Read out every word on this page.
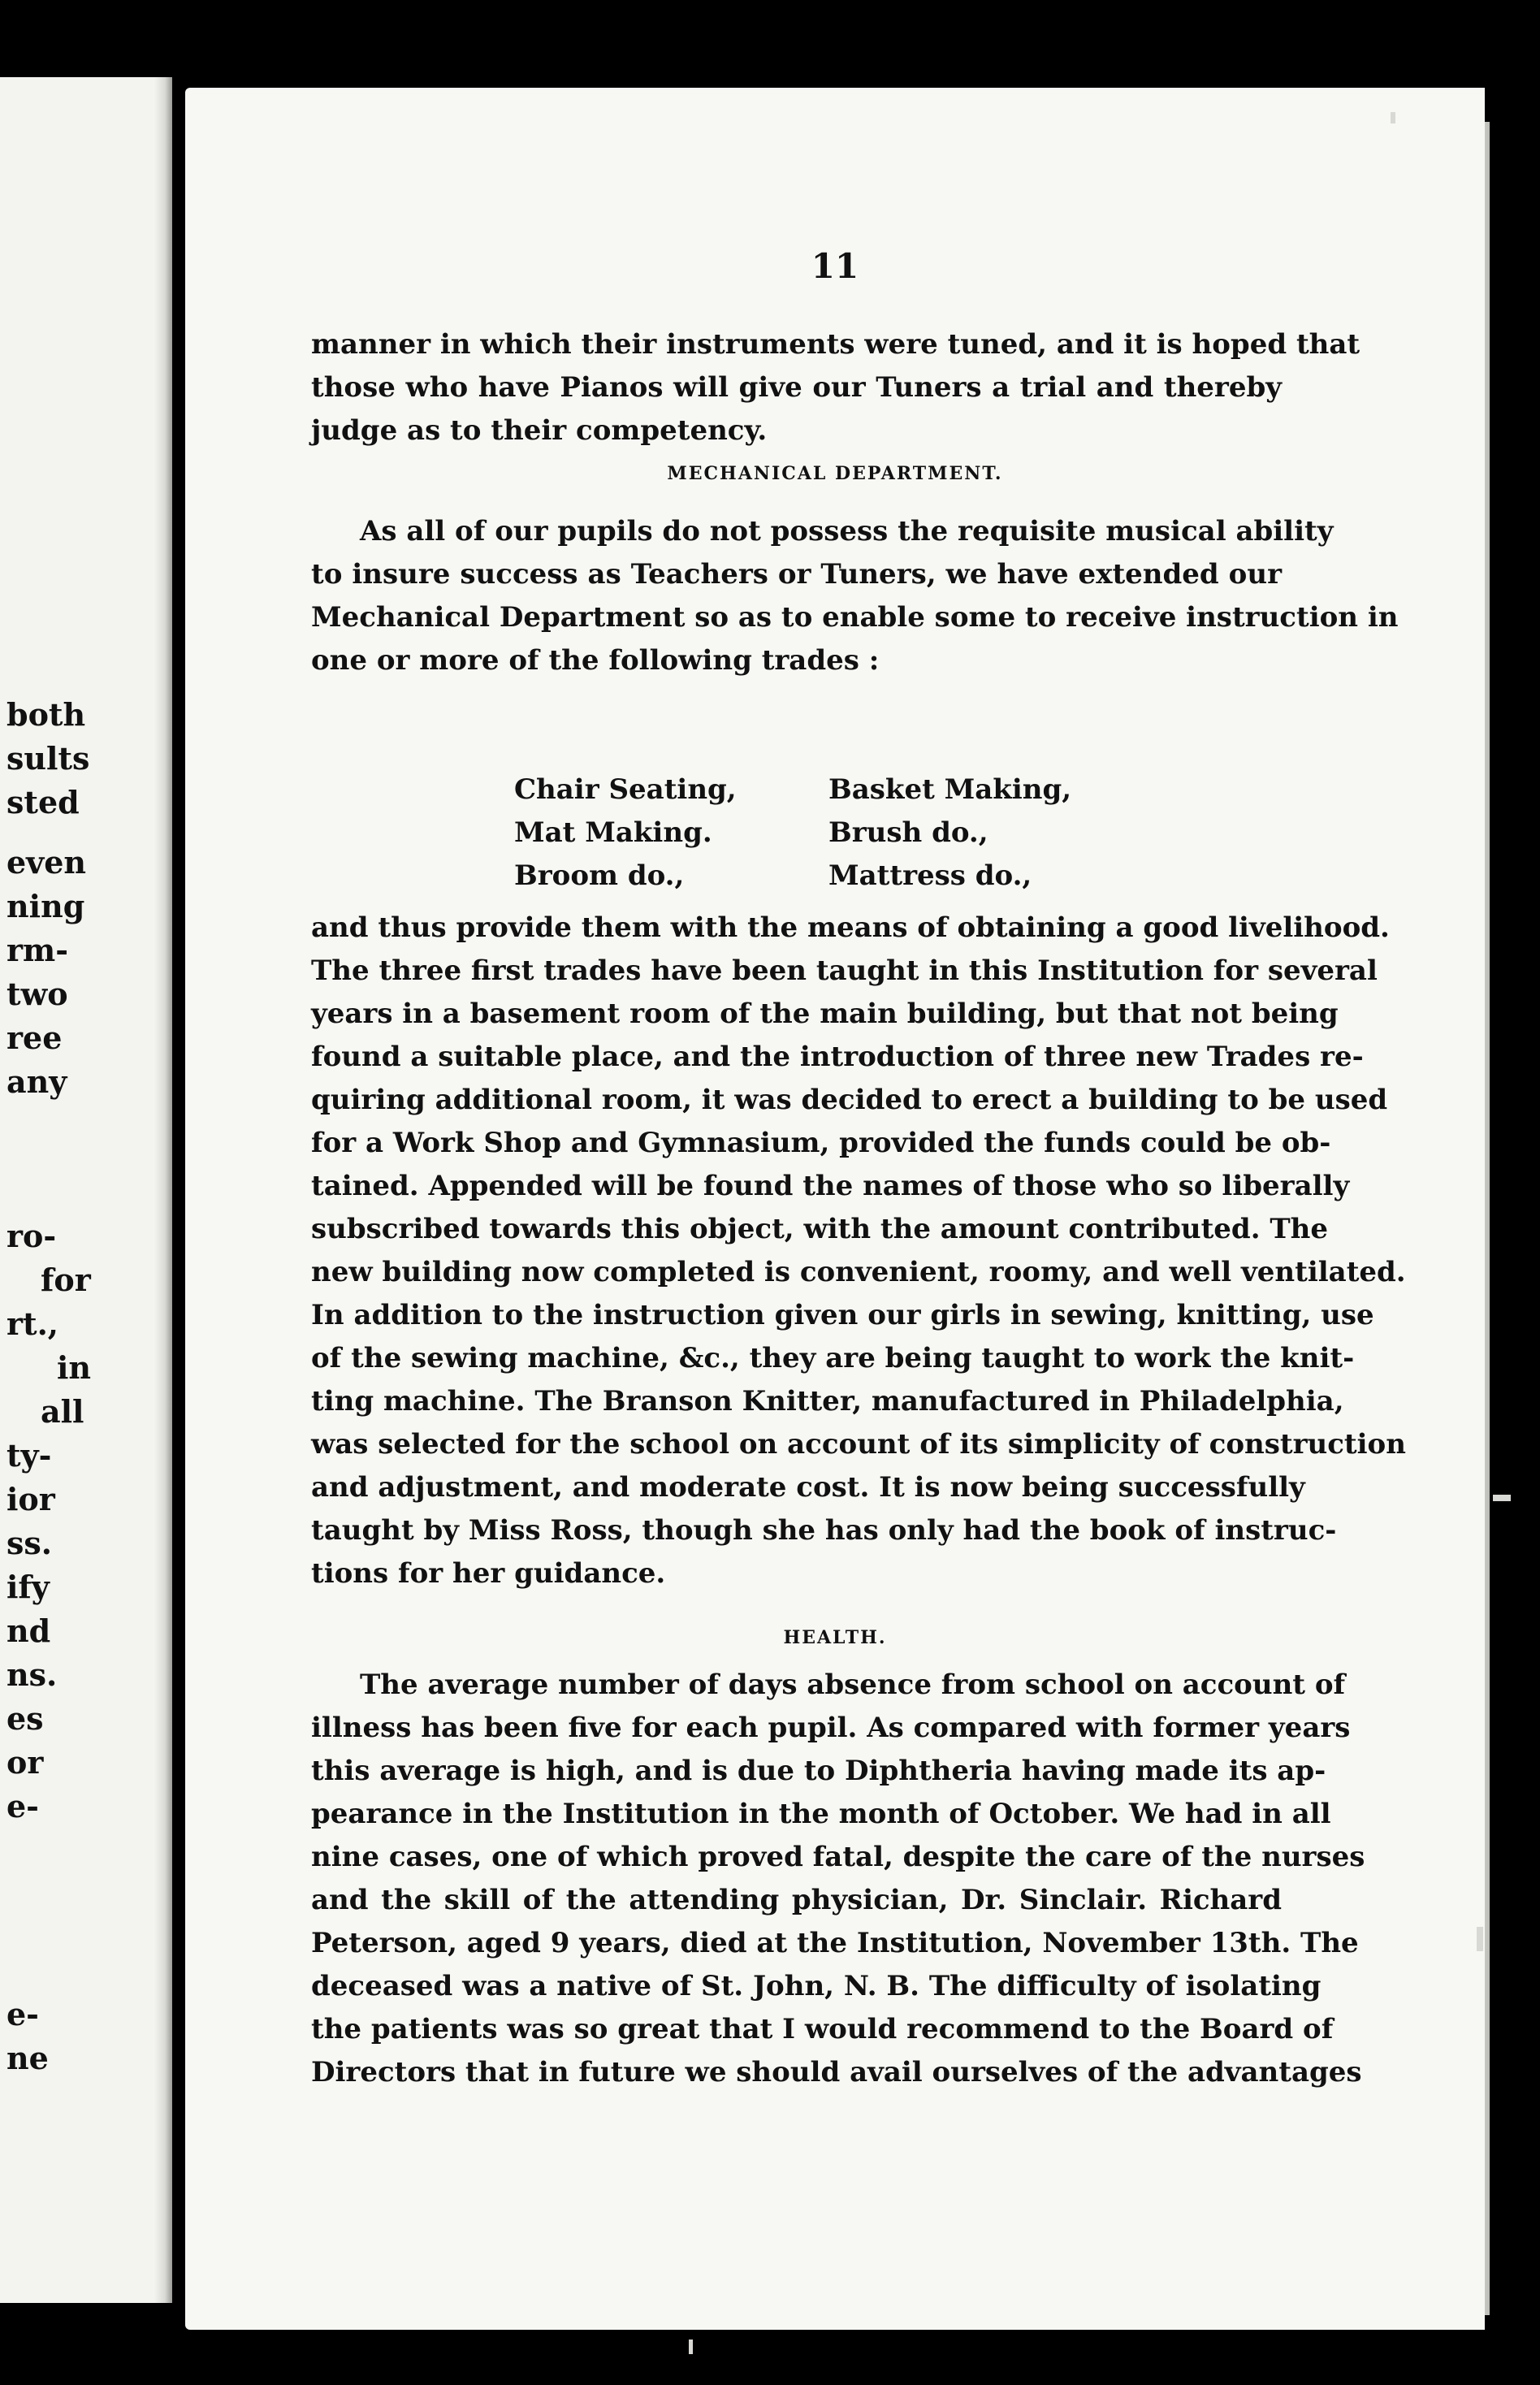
both
sults
sted
even
ning
rm-
two
ree
any
ro-
for
rt.,
in
all
ty-
ior
ss.
ify
nd
ns.
es
or
e-
e-
ne
11
manner in which their instruments were tuned, and it is hoped that
those who have Pianos will give our Tuners a trial and thereby
judge as to their competency.
MECHANICAL DEPARTMENT.
As all of our pupils do not possess the requisite musical ability
to insure success as Teachers or Tuners, we have extended our
Mechanical Department so as to enable some to receive instruction in
one or more of the following trades :
Chair Seating,
Mat Making.
Broom do.,
Basket Making,
Brush do.,
Mattress do.,
and thus provide them with the means of obtaining a good livelihood.
The three first trades have been taught in this Institution for several
years in a basement room of the main building, but that not being
found a suitable place, and the introduction of three new Trades re-
quiring additional room, it was decided to erect a building to be used
for a Work Shop and Gymnasium, provided the funds could be ob-
tained. Appended will be found the names of those who so liberally
subscribed towards this object, with the amount contributed. The
new building now completed is convenient, roomy, and well ventilated.
In addition to the instruction given our girls in sewing, knitting, use
of the sewing machine, &c., they are being taught to work the knit-
ting machine. The Branson Knitter, manufactured in Philadelphia,
was selected for the school on account of its simplicity of construction
and adjustment, and moderate cost. It is now being successfully
taught by Miss Ross, though she has only had the book of instruc-
tions for her guidance.
HEALTH.
The average number of days absence from school on account of
illness has been five for each pupil. As compared with former years
this average is high, and is due to Diphtheria having made its ap-
pearance in the Institution in the month of October. We had in all
nine cases, one of which proved fatal, despite the care of the nurses
and the skill of the attending physician, Dr. Sinclair. Richard
Peterson, aged 9 years, died at the Institution, November 13th. The
deceased was a native of St. John, N. B. The difficulty of isolating
the patients was so great that I would recommend to the Board of
Directors that in future we should avail ourselves of the advantages
